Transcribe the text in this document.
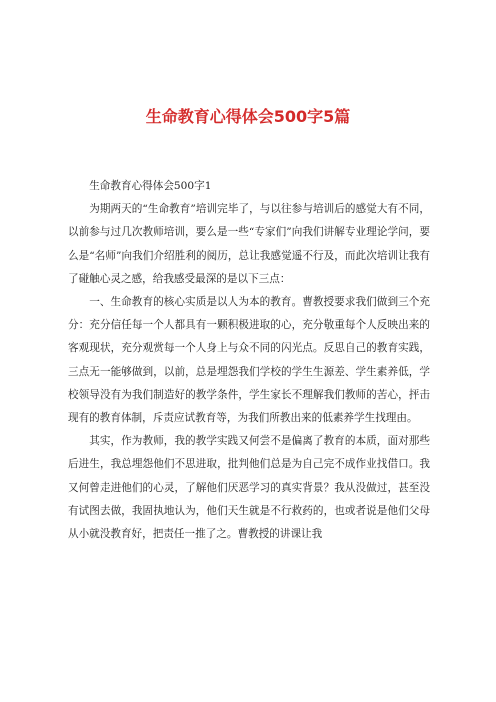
生命教育心得体会500字5篇

生命教育心得体会500字1

为期两天的“生命教育”培训完毕了，与以往参与培训后的感觉大有不同，以前参与过几次教师培训，要么是一些“专家们”向我们讲解专业理论学问，要么是“名师”向我们介绍胜利的阅历，总让我感觉遥不行及，而此次培训让我有了碰触心灵之感，给我感受最深的是以下三点：

一、生命教育的核心实质是以人为本的教育。曹教授要求我们做到三个充分：充分信任每一个人都具有一颗积极进取的心，充分敬重每个人反映出来的客观现状，充分观赏每一个人身上与众不同的闪光点。反思自己的教育实践，三点无一能够做到，以前，总是埋怨我们学校的学生生源差、学生素养低，学校领导没有为我们制造好的教学条件，学生家长不理解我们教师的苦心，抨击现有的教育体制，斥责应试教育等，为我们所教出来的低素养学生找理由。

其实，作为教师，我的教学实践又何尝不是偏离了教育的本质，面对那些后进生，我总埋怨他们不思进取，批判他们总是为自己完不成作业找借口。我又何曾走进他们的心灵，了解他们厌恶学习的真实背景？我从没做过，甚至没有试图去做，我固执地认为，他们天生就是不行救药的，也或者说是他们父母从小就没教育好，把责任一推了之。曹教授的讲课让我
